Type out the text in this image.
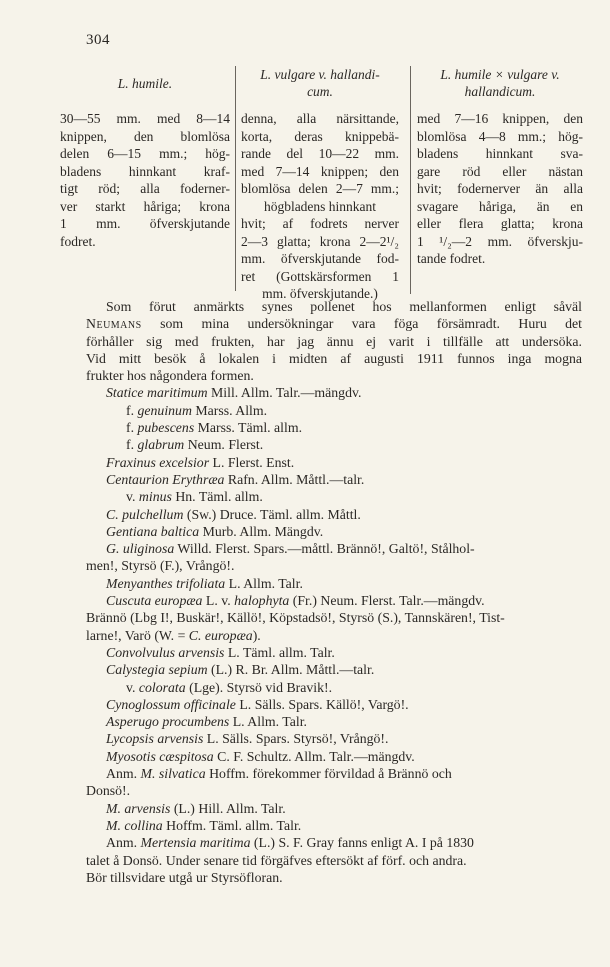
304
L. humile.
30—55 mm. med 8—14
knippen, den blomlösa
delen 6—15 mm.; hög-
bladens hinnkant kraf-
tigt röd; alla foderner-
ver starkt håriga; krona
1 mm. öfverskjutande
fodret.
L. vulgare v. hallandi-
cum.
denna, alla närsittande,
korta, deras knippebä-
rande del 10—22 mm.
med 7—14 knippen; den
blomlösa delen 2—7 mm.;
högbladens hinnkant
hvit; af fodrets nerver
2—3 glatta; krona 2—2¹/₂
mm. öfverskjutande fod-
ret (Gottskärsformen 1
mm. öfverskjutande.)
L. humile × vulgare v.
hallandicum.
med 7—16 knippen, den
blomlösa 4—8 mm.; hög-
bladens hinnkant sva-
gare röd eller nästan
hvit; fodernerver än alla
svagare håriga, än en
eller flera glatta; krona
1 ¹/₂—2 mm. öfverskju-
tande fodret.
Som förut anmärkts synes pollenet hos mellanformen enligt såväl
Neumans som mina undersökningar vara föga försämradt. Huru det
förhåller sig med frukten, har jag ännu ej varit i tillfälle att undersöka.
Vid mitt besök å lokalen i midten af augusti 1911 funnos inga mogna
frukter hos någondera formen.
Statice maritimum Mill. Allm. Talr.—mängdv.
f. genuinum Marss. Allm.
f. pubescens Marss. Täml. allm.
f. glabrum Neum. Flerst.
Fraxinus excelsior L. Flerst. Enst.
Centaurion Erythræa Rafn. Allm. Måttl.—talr.
v. minus Hn. Täml. allm.
C. pulchellum (Sw.) Druce. Täml. allm. Måttl.
Gentiana baltica Murb. Allm. Mängdv.
G. uliginosa Willd. Flerst. Spars.—måttl. Brännö!, Galtö!, Stålhol-
men!, Styrsö (F.), Vrångö!.
Menyanthes trifoliata L. Allm. Talr.
Cuscuta europæa L. v. halophyta (Fr.) Neum. Flerst. Talr.—mängdv.
Brännö (Lbg I!, Buskär!, Källö!, Köpstadsö!, Styrsö (S.), Tannskären!, Tist-
larne!, Varö (W. = C. europæa).
Convolvulus arvensis L. Täml. allm. Talr.
Calystegia sepium (L.) R. Br. Allm. Måttl.—talr.
v. colorata (Lge). Styrsö vid Bravik!.
Cynoglossum officinale L. Sälls. Spars. Källö!, Vargö!.
Asperugo procumbens L. Allm. Talr.
Lycopsis arvensis L. Sälls. Spars. Styrsö!, Vrångö!.
Myosotis cæspitosa C. F. Schultz. Allm. Talr.—mängdv.
Anm. M. silvatica Hoffm. förekommer förvildad å Brännö och
Donsö!.
M. arvensis (L.) Hill. Allm. Talr.
M. collina Hoffm. Täml. allm. Talr.
Anm. Mertensia maritima (L.) S. F. Gray fanns enligt A. I på 1830
talet å Donsö. Under senare tid förgäfves eftersökt af förf. och andra.
Bör tillsvidare utgå ur Styrsöfloran.
